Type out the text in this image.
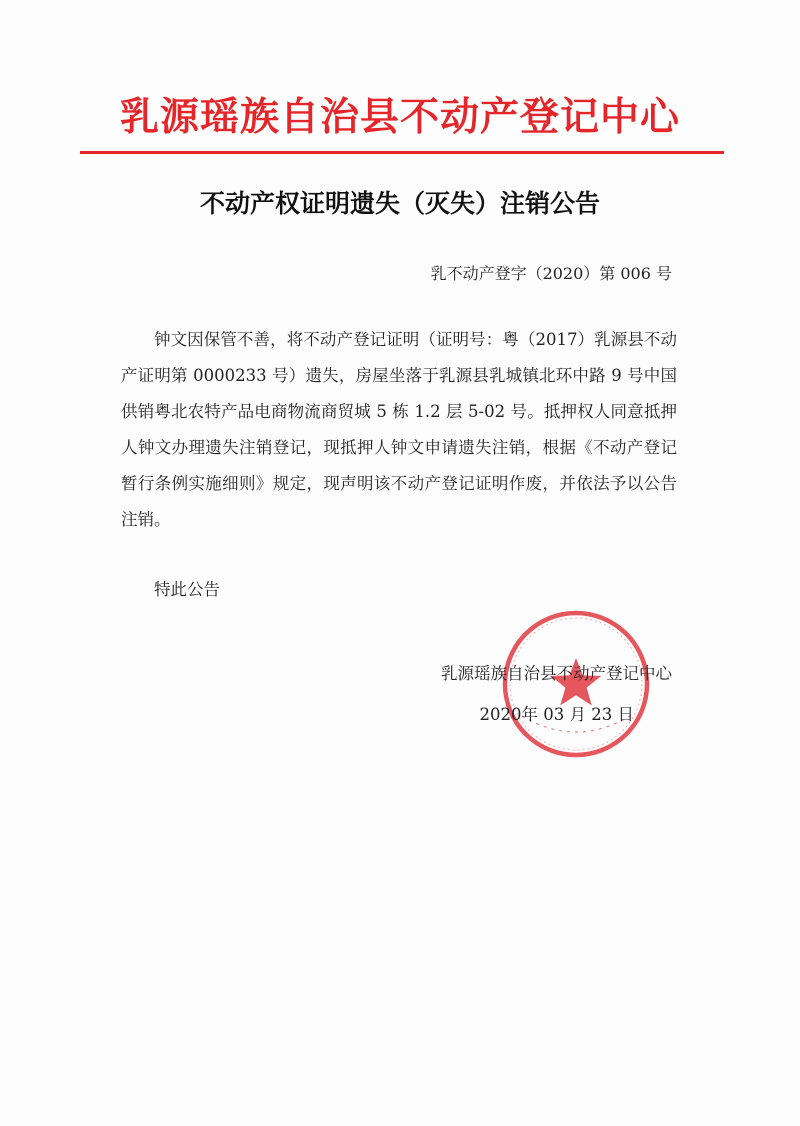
乳源瑶族自治县不动产登记中心
不动产权证明遗失（灭失）注销公告
乳不动产登字（2020）第 006 号

钟文因保管不善，将不动产登记证明（证明号：粤（2017）乳源县不动产证明第 0000233 号）遗失，房屋坐落于乳源县乳城镇北环中路 9 号中国供销粤北农特产品电商物流商贸城 5 栋 1.2 层 5-02 号。抵押权人同意抵押人钟文办理遗失注销登记，现抵押人钟文申请遗失注销，根据《不动产登记暂行条例实施细则》规定，现声明该不动产登记证明作废，并依法予以公告注销。

特此公告

乳源瑶族自治县不动产登记中心
2020年 03 月 23 日
